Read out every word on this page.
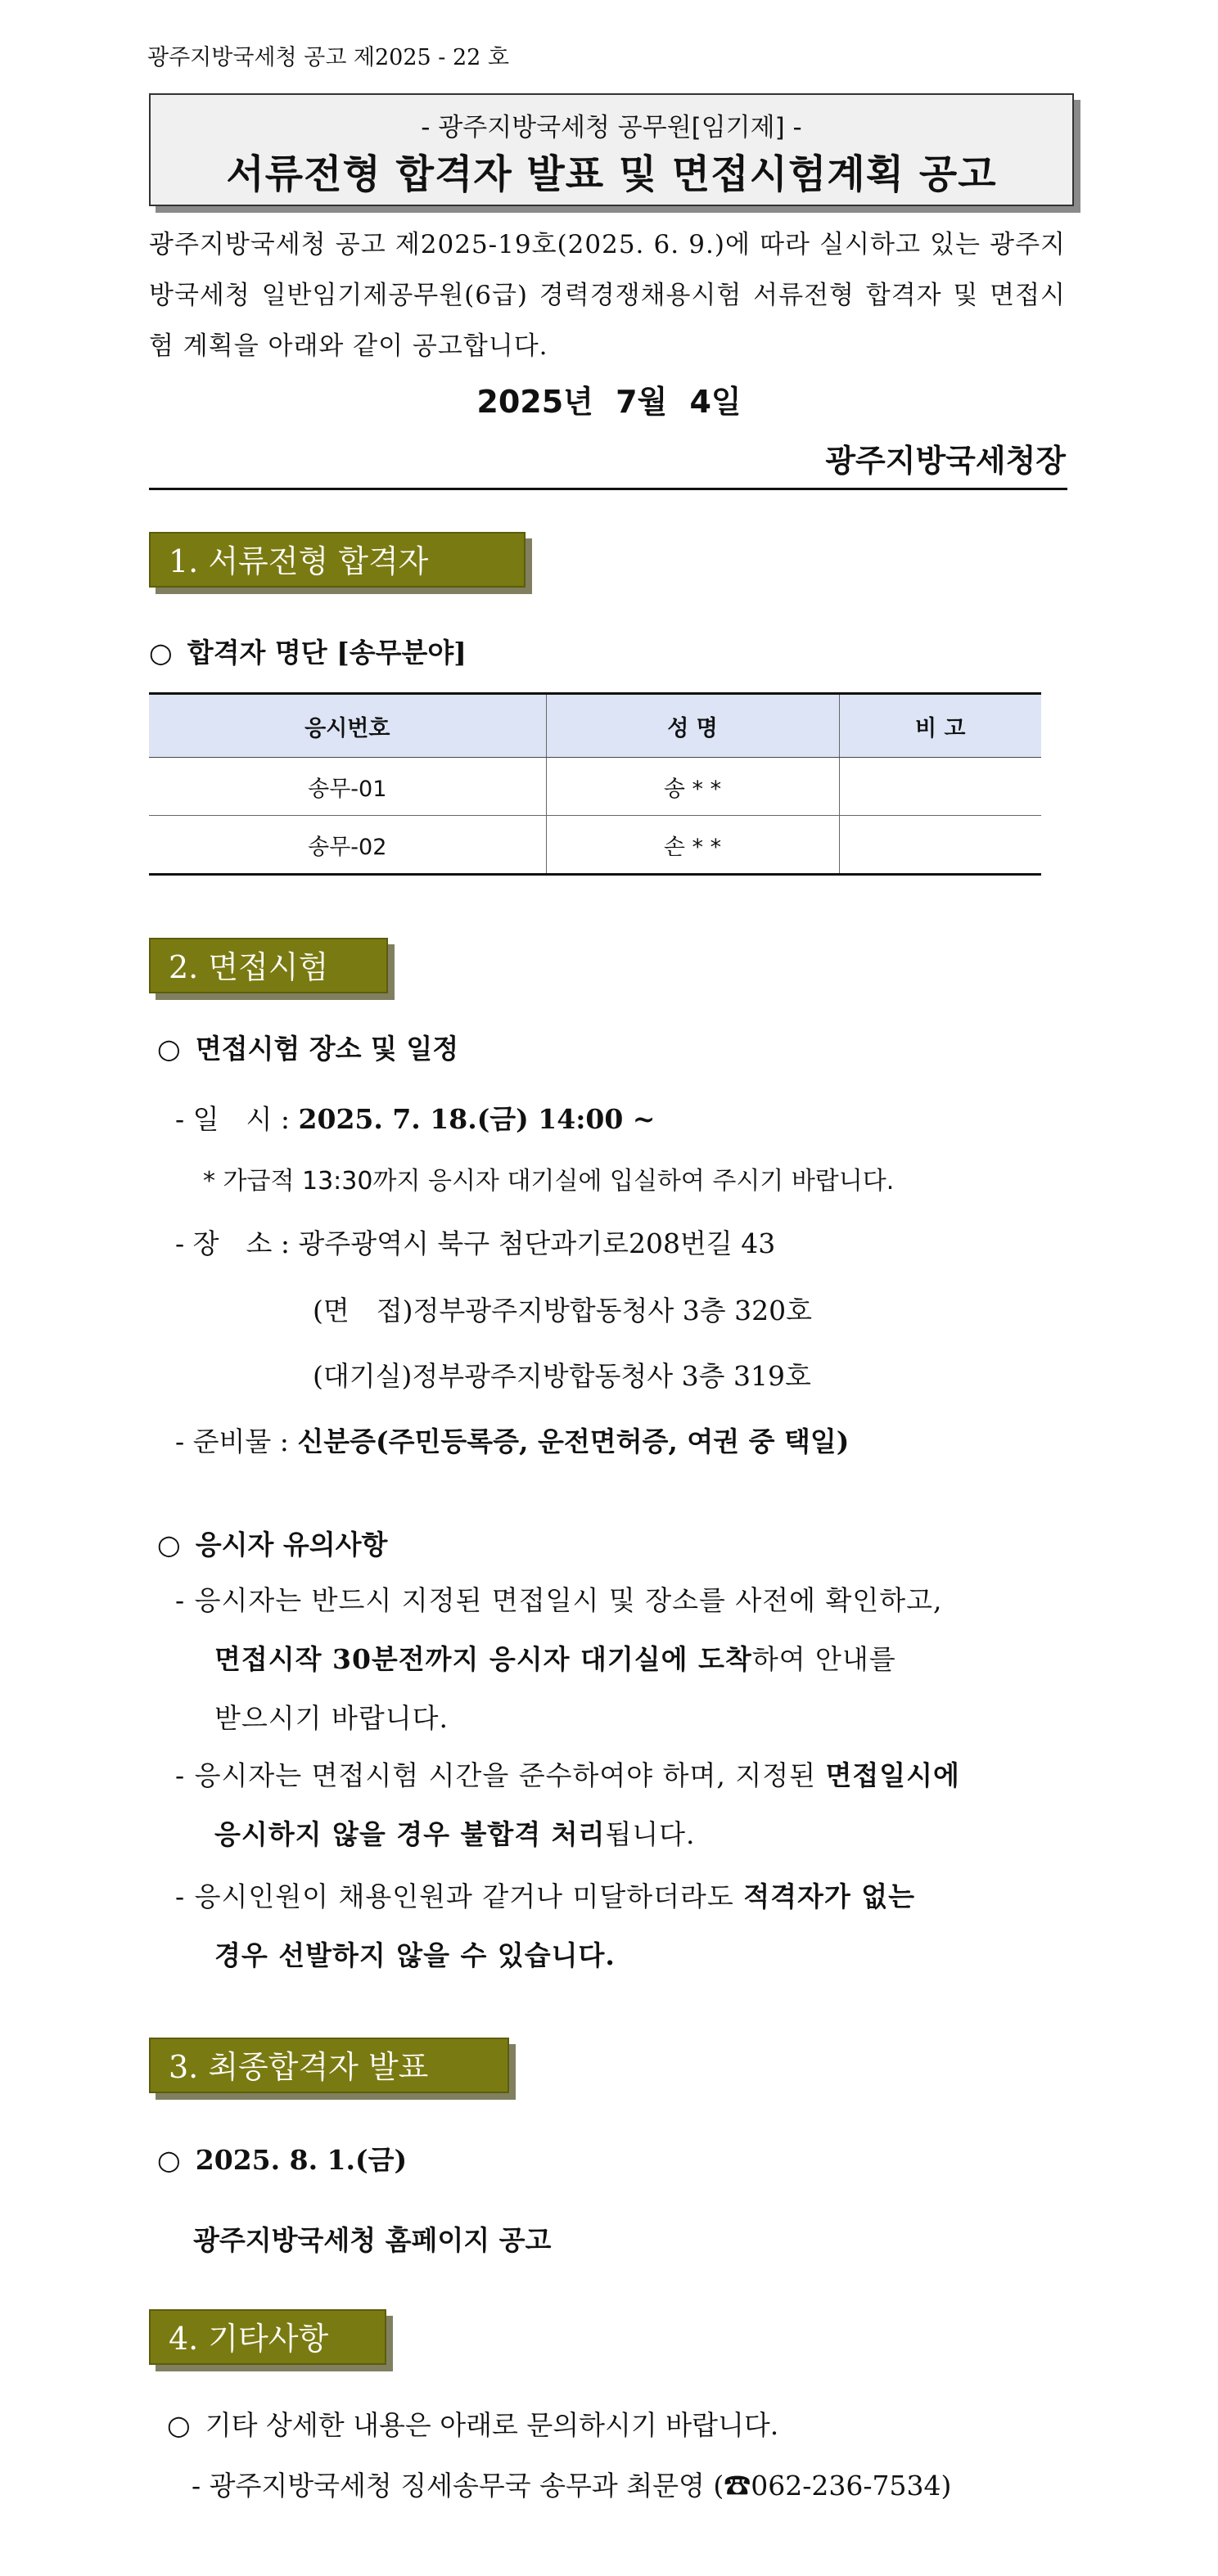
광주지방국세청 공고 제2025 - 22 호
- 광주지방국세청 공무원[임기제] -
서류전형 합격자 발표 및 면접시험계획 공고
광주지방국세청 공고 제2025-19호(2025. 6. 9.)에 따라 실시하고 있는 광주지방국세청 일반임기제공무원(6급) 경력경쟁채용시험 서류전형 합격자 및 면접시험 계획을 아래와 같이 공고합니다.
2025년 7월 4일
광주지방국세청장
1. 서류전형 합격자
○ 합격자 명단 [송무분야]
응시번호	성 명	비 고
송무-01	송 * *	
송무-02	손 * *	
2. 면접시험
○ 면접시험 장소 및 일정
- 일　시 : 2025. 7. 18.(금) 14:00 ~
* 가급적 13:30까지 응시자 대기실에 입실하여 주시기 바랍니다.
- 장　소 : 광주광역시 북구 첨단과기로208번길 43
(면　접)정부광주지방합동청사 3층 320호
(대기실)정부광주지방합동청사 3층 319호
- 준비물 : 신분증(주민등록증, 운전면허증, 여권 중 택일)
○ 응시자 유의사항
- 응시자는 반드시 지정된 면접일시 및 장소를 사전에 확인하고,
면접시작 30분전까지 응시자 대기실에 도착하여 안내를
받으시기 바랍니다.
- 응시자는 면접시험 시간을 준수하여야 하며, 지정된 면접일시에
응시하지 않을 경우 불합격 처리됩니다.
- 응시인원이 채용인원과 같거나 미달하더라도 적격자가 없는
경우 선발하지 않을 수 있습니다.
3. 최종합격자 발표
○ 2025. 8. 1.(금)
광주지방국세청 홈페이지 공고
4. 기타사항
○ 기타 상세한 내용은 아래로 문의하시기 바랍니다.
- 광주지방국세청 징세송무국 송무과 최문영 (☎062-236-7534)
